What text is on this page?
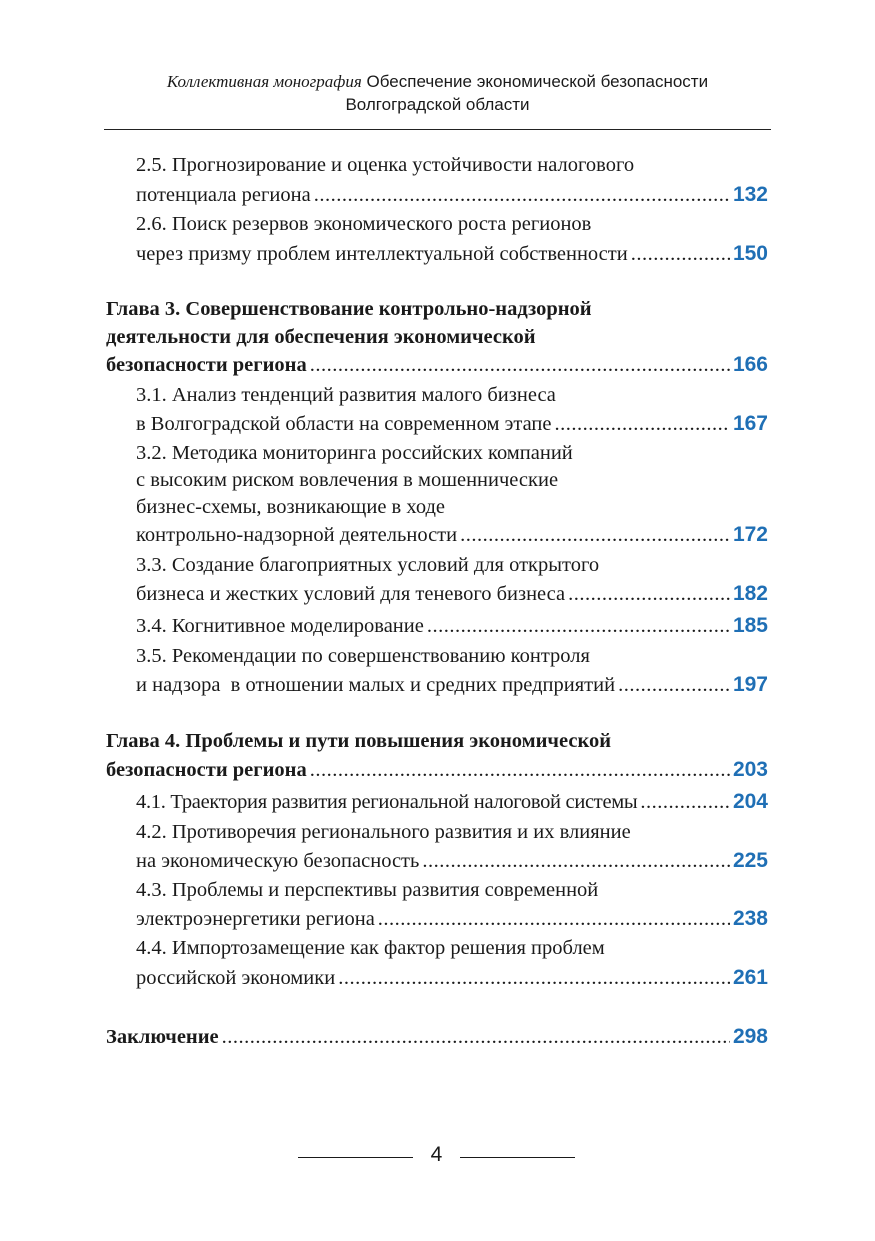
Коллективная монография Обеспечение экономической безопасности
Волгоградской области
2.5. Прогнозирование и оценка устойчивости налогового
потенциала региона .....	132
2.6. Поиск резервов экономического роста регионов
через призму проблем интеллектуальной собственности .....	150
Глава 3. Совершенствование контрольно-надзорной
деятельности для обеспечения экономической
безопасности региона .....	166
3.1. Анализ тенденций развития малого бизнеса
в Волгоградской области на современном этапе .....	167
3.2. Методика мониторинга российских компаний
с высоким риском вовлечения в мошеннические
бизнес-схемы, возникающие в ходе
контрольно-надзорной деятельности .....	172
3.3. Создание благоприятных условий для открытого
бизнеса и жестких условий для теневого бизнеса .....	182
3.4. Когнитивное моделирование .....	185
3.5. Рекомендации по совершенствованию контроля
и надзора  в отношении малых и средних предприятий .....	197
Глава 4. Проблемы и пути повышения экономической
безопасности региона .....	203
4.1. Траектория развития региональной налоговой системы .....	204
4.2. Противоречия регионального развития и их влияние
на экономическую безопасность .....	225
4.3. Проблемы и перспективы развития современной
электроэнергетики региона .....	238
4.4. Импортозамещение как фактор решения проблем
российской экономики .....	261
Заключение .....	298
4
